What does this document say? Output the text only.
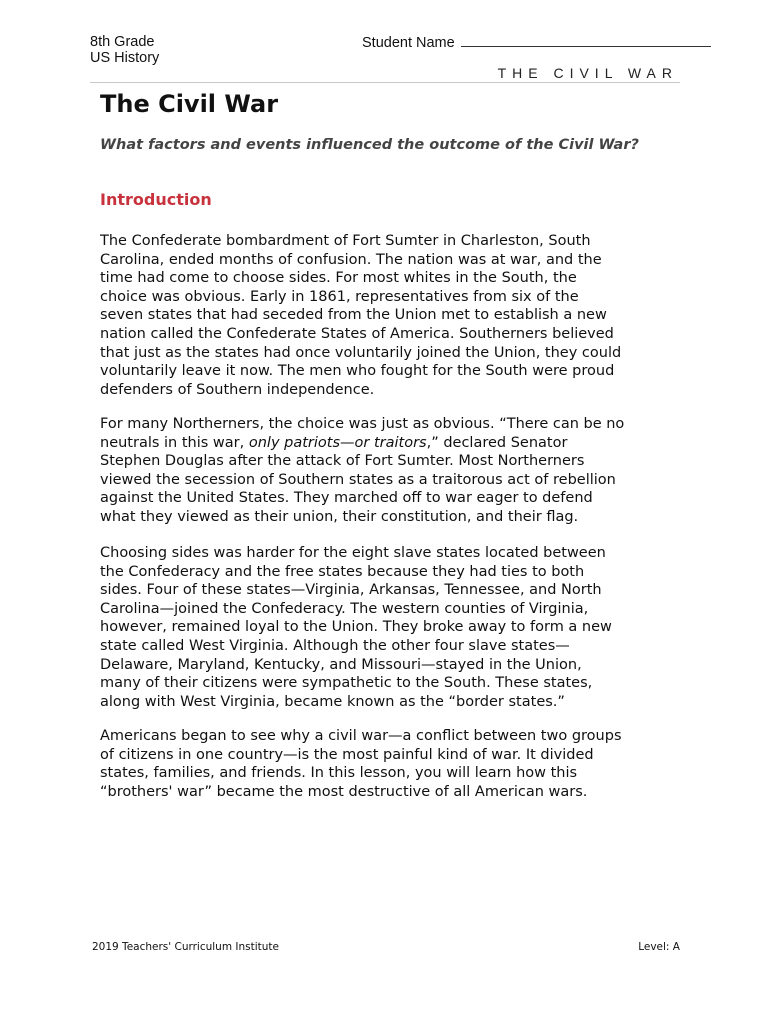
8th Grade
US History
Student Name
THE CIVIL WAR
The Civil War

What factors and events influenced the outcome of the Civil War?

Introduction

The Confederate bombardment of Fort Sumter in Charleston, South
Carolina, ended months of confusion. The nation was at war, and the
time had come to choose sides. For most whites in the South, the
choice was obvious. Early in 1861, representatives from six of the
seven states that had seceded from the Union met to establish a new
nation called the Confederate States of America. Southerners believed
that just as the states had once voluntarily joined the Union, they could
voluntarily leave it now. The men who fought for the South were proud
defenders of Southern independence.

For many Northerners, the choice was just as obvious. “There can be no
neutrals in this war, only patriots—or traitors,” declared Senator
Stephen Douglas after the attack of Fort Sumter. Most Northerners
viewed the secession of Southern states as a traitorous act of rebellion
against the United States. They marched off to war eager to defend
what they viewed as their union, their constitution, and their flag.

Choosing sides was harder for the eight slave states located between
the Confederacy and the free states because they had ties to both
sides. Four of these states—Virginia, Arkansas, Tennessee, and North
Carolina—joined the Confederacy. The western counties of Virginia,
however, remained loyal to the Union. They broke away to form a new
state called West Virginia. Although the other four slave states—
Delaware, Maryland, Kentucky, and Missouri—stayed in the Union,
many of their citizens were sympathetic to the South. These states,
along with West Virginia, became known as the “border states.”

Americans began to see why a civil war—a conflict between two groups
of citizens in one country—is the most painful kind of war. It divided
states, families, and friends. In this lesson, you will learn how this
“brothers' war” became the most destructive of all American wars.

2019 Teachers' Curriculum Institute	Level: A
